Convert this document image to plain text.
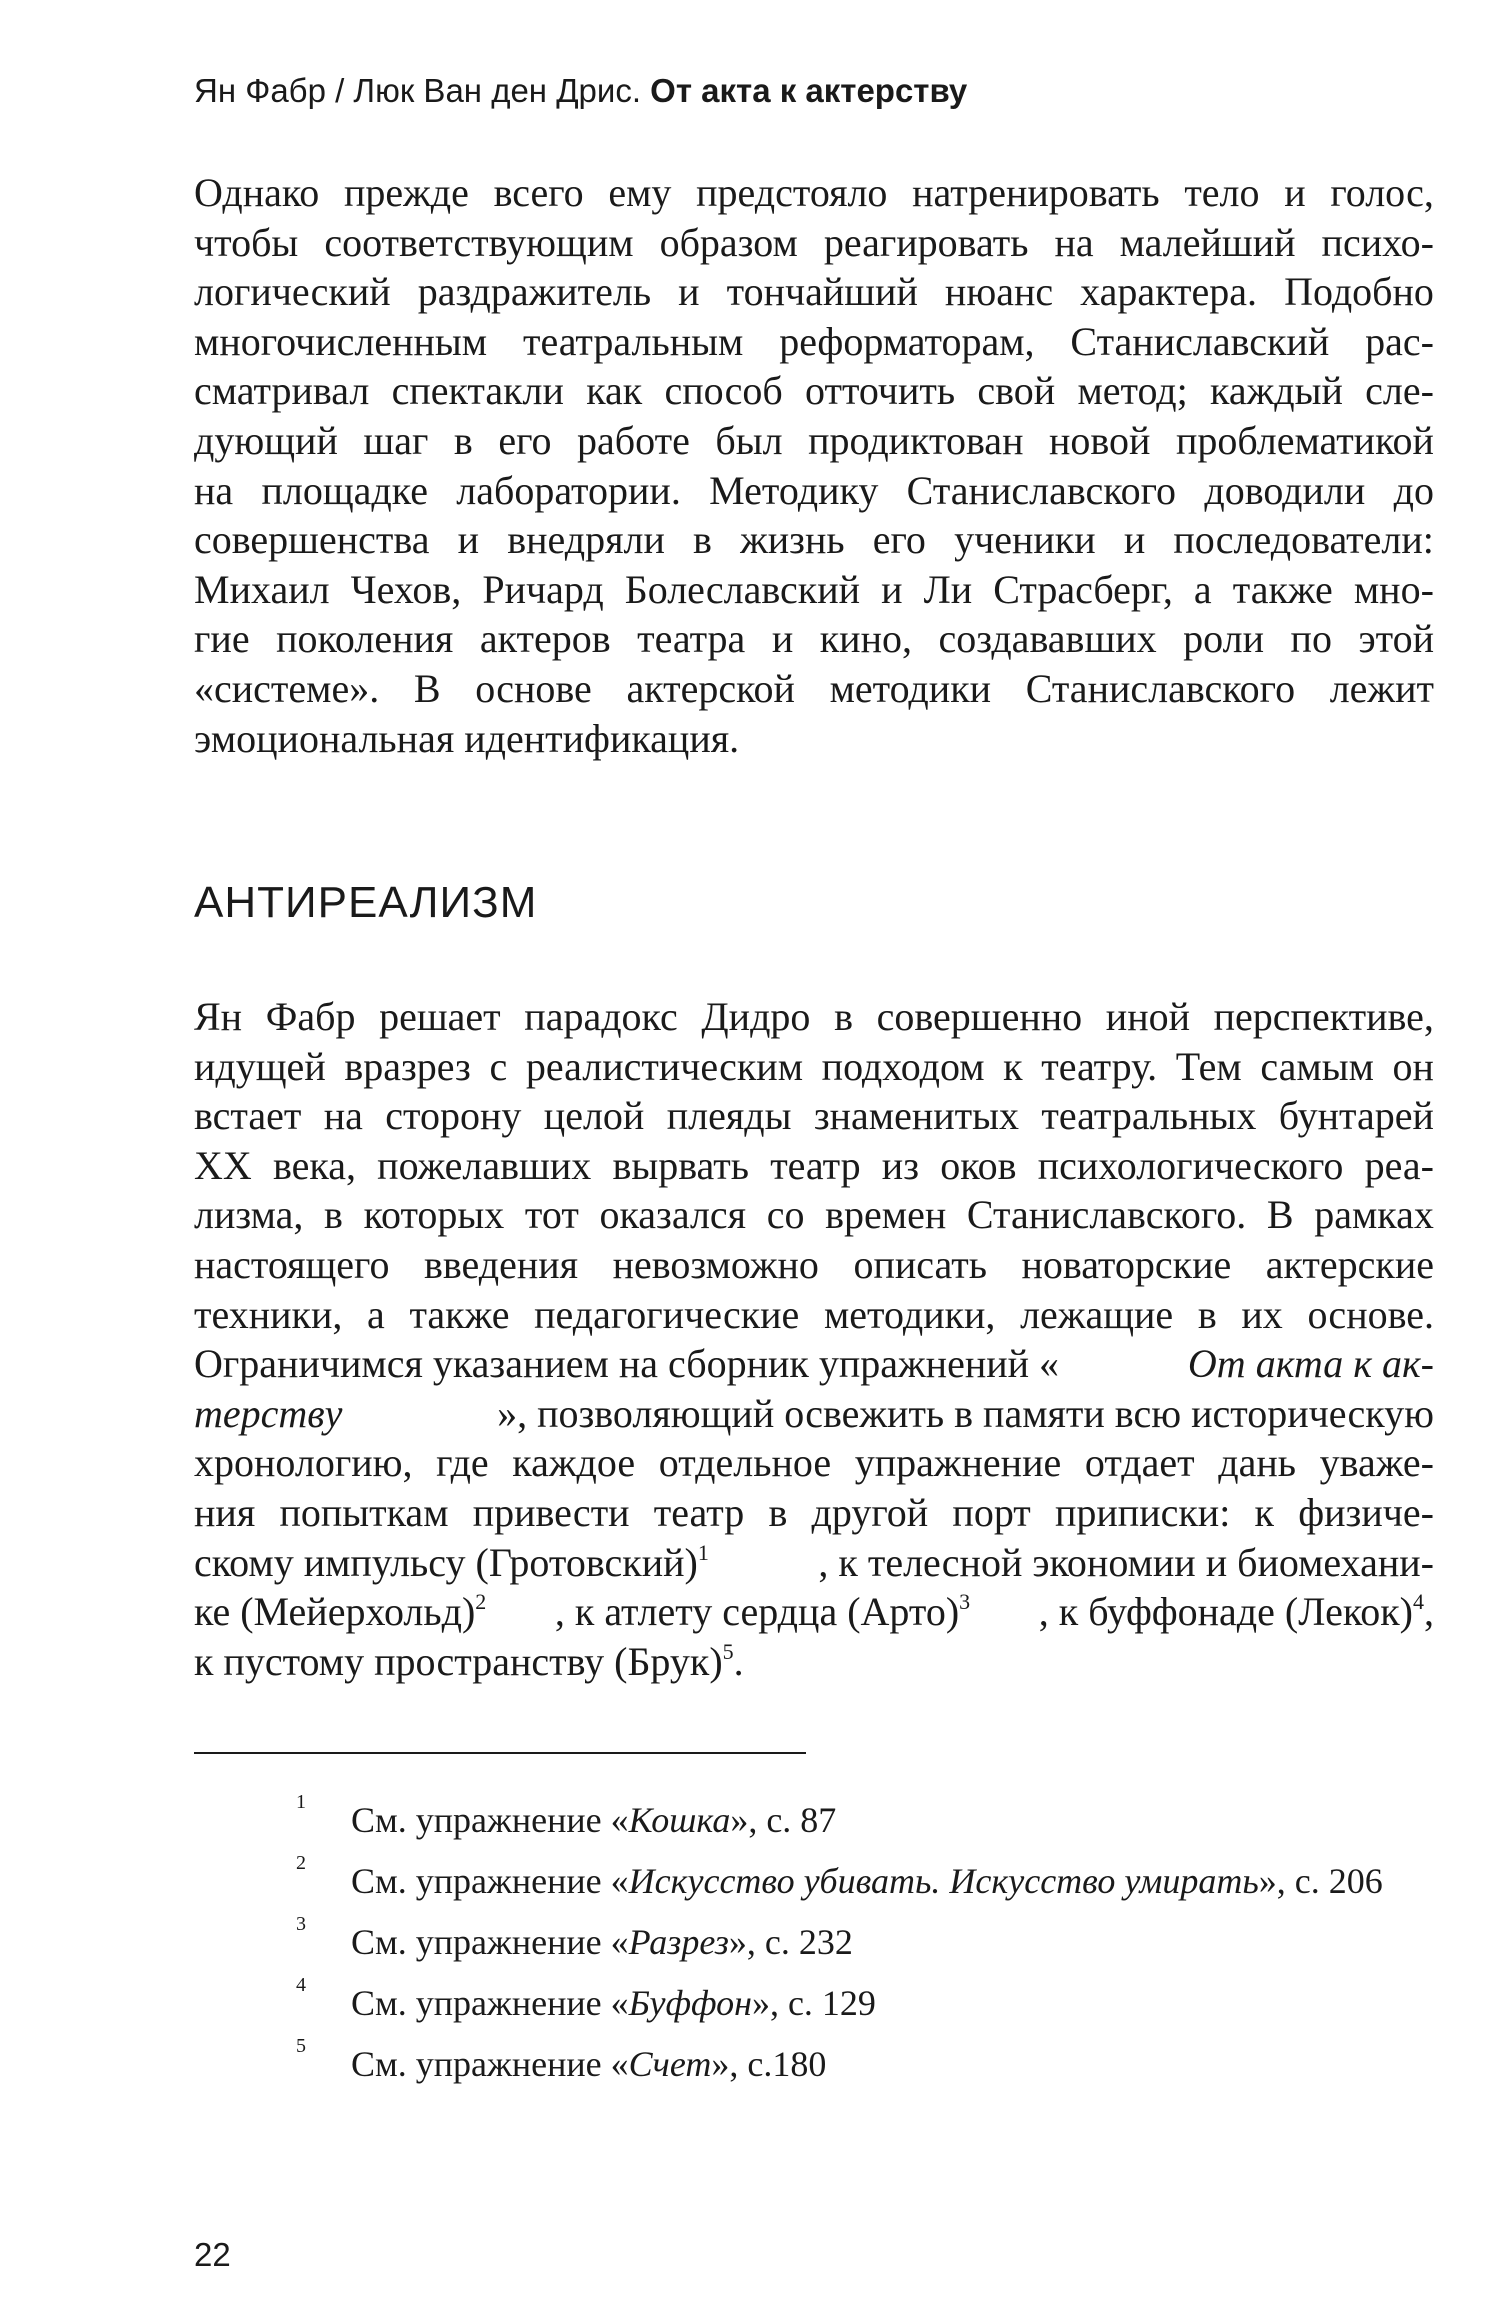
Ян Фабр / Люк Ван ден Дрис. От акта к актерству
Однако прежде всего ему предстояло натренировать тело и голос,
чтобы соответствующим образом реагировать на малейший психо-
логический раздражитель и тончайший нюанс характера. Подобно
многочисленным театральным реформаторам, Станиславский рас-
сматривал спектакли как способ отточить свой метод; каждый сле-
дующий шаг в его работе был продиктован новой проблематикой
на площадке лаборатории. Методику Станиславского доводили до
совершенства и внедряли в жизнь его ученики и последователи:
Михаил Чехов, Ричард Болеславский и Ли Страсберг, а также мно-
гие поколения актеров театра и кино, создававших роли по этой
«системе». В основе актерской методики Станиславского лежит
эмоциональная идентификация.
АНТИРЕАЛИЗМ
Ян Фабр решает парадокс Дидро в совершенно иной перспективе,
идущей вразрез с реалистическим подходом к театру. Тем самым он
встает на сторону целой плеяды знаменитых театральных бунтарей
XX века, пожелавших вырвать театр из оков психологического реа-
лизма, в которых тот оказался со времен Станиславского. В рамках
настоящего введения невозможно описать новаторские актерские
техники, а также педагогические методики, лежащие в их основе.
Ограничимся указанием на сборник упражнений «	От акта к ак-
терству	», позволяющий освежить в памяти всю историческую
хронологию, где каждое отдельное упражнение отдает дань уваже-
ния попыткам привести театр в другой порт приписки: к физиче-
скому импульсу (Гротовский)$^1$	, к телесной экономии и биомехани-
ке (Мейерхольд)$^2$ , к атлету сердца (Арто)$^3$ , к буффонаде (Лекок)$^4$,
к пустому пространству (Брук)$^5$.
1 См. упражнение «Кошка», с. 87
2 См. упражнение «Искусство убивать. Искусство умирать», с. 206
3 См. упражнение «Разрез», с. 232
4 См. упражнение «Буффон», с. 129
5 См. упражнение «Счет», с.180
22
